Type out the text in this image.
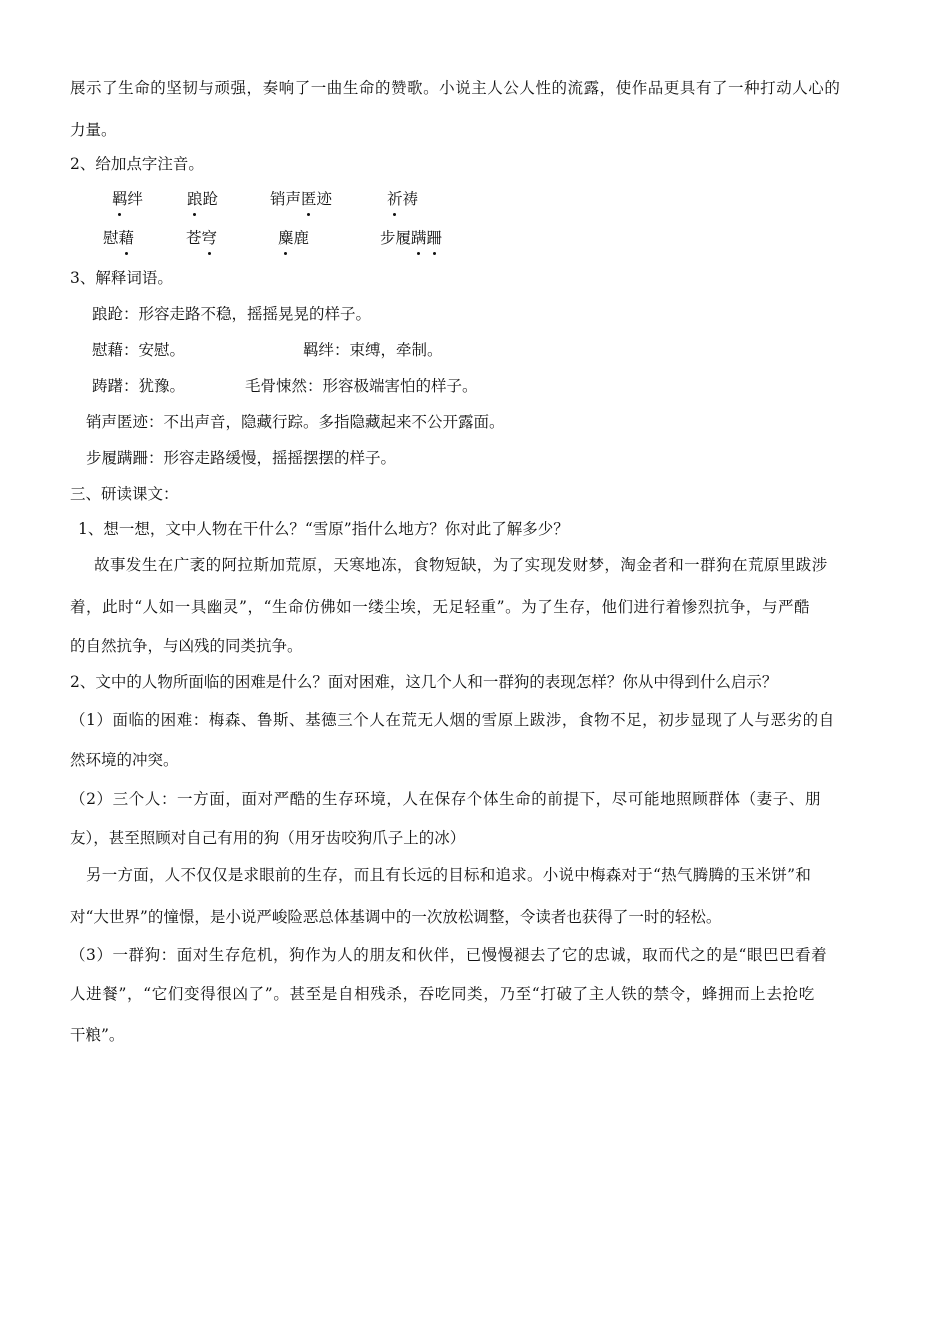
展示了生命的坚韧与顽强，奏响了一曲生命的赞歌。小说主人公人性的流露，使作品更具有了一种打动人心的
力量。
2、给加点字注音。
羁绊	踉跄	销声匿迹	祈祷
慰藉	苍穹	麋鹿	步履蹒跚
3、解释词语。
踉跄：形容走路不稳，摇摇晃晃的样子。
慰藉：安慰。	羁绊：束缚，牵制。
踌躇：犹豫。	毛骨悚然：形容极端害怕的样子。
销声匿迹：不出声音，隐藏行踪。多指隐藏起来不公开露面。
步履蹒跚：形容走路缓慢，摇摇摆摆的样子。
三、研读课文：
1、想一想，文中人物在干什么？“雪原”指什么地方？你对此了解多少？
故事发生在广袤的阿拉斯加荒原，天寒地冻，食物短缺，为了实现发财梦，淘金者和一群狗在荒原里跋涉
着，此时“人如一具幽灵”，“生命仿佛如一缕尘埃，无足轻重”。为了生存，他们进行着惨烈抗争，与严酷
的自然抗争，与凶残的同类抗争。
2、文中的人物所面临的困难是什么？面对困难，这几个人和一群狗的表现怎样？你从中得到什么启示？
（1）面临的困难：梅森、鲁斯、基德三个人在荒无人烟的雪原上跋涉，食物不足，初步显现了人与恶劣的自
然环境的冲突。
（2）三个人：一方面，面对严酷的生存环境，人在保存个体生命的前提下，尽可能地照顾群体（妻子、朋
友），甚至照顾对自己有用的狗（用牙齿咬狗爪子上的冰）
另一方面，人不仅仅是求眼前的生存，而且有长远的目标和追求。小说中梅森对于“热气腾腾的玉米饼”和
对“大世界”的憧憬，是小说严峻险恶总体基调中的一次放松调整，令读者也获得了一时的轻松。
（3）一群狗：面对生存危机，狗作为人的朋友和伙伴，已慢慢褪去了它的忠诚，取而代之的是“眼巴巴看着
人进餐”，“它们变得很凶了”。甚至是自相残杀，吞吃同类，乃至“打破了主人铁的禁令，蜂拥而上去抢吃
干粮”。
